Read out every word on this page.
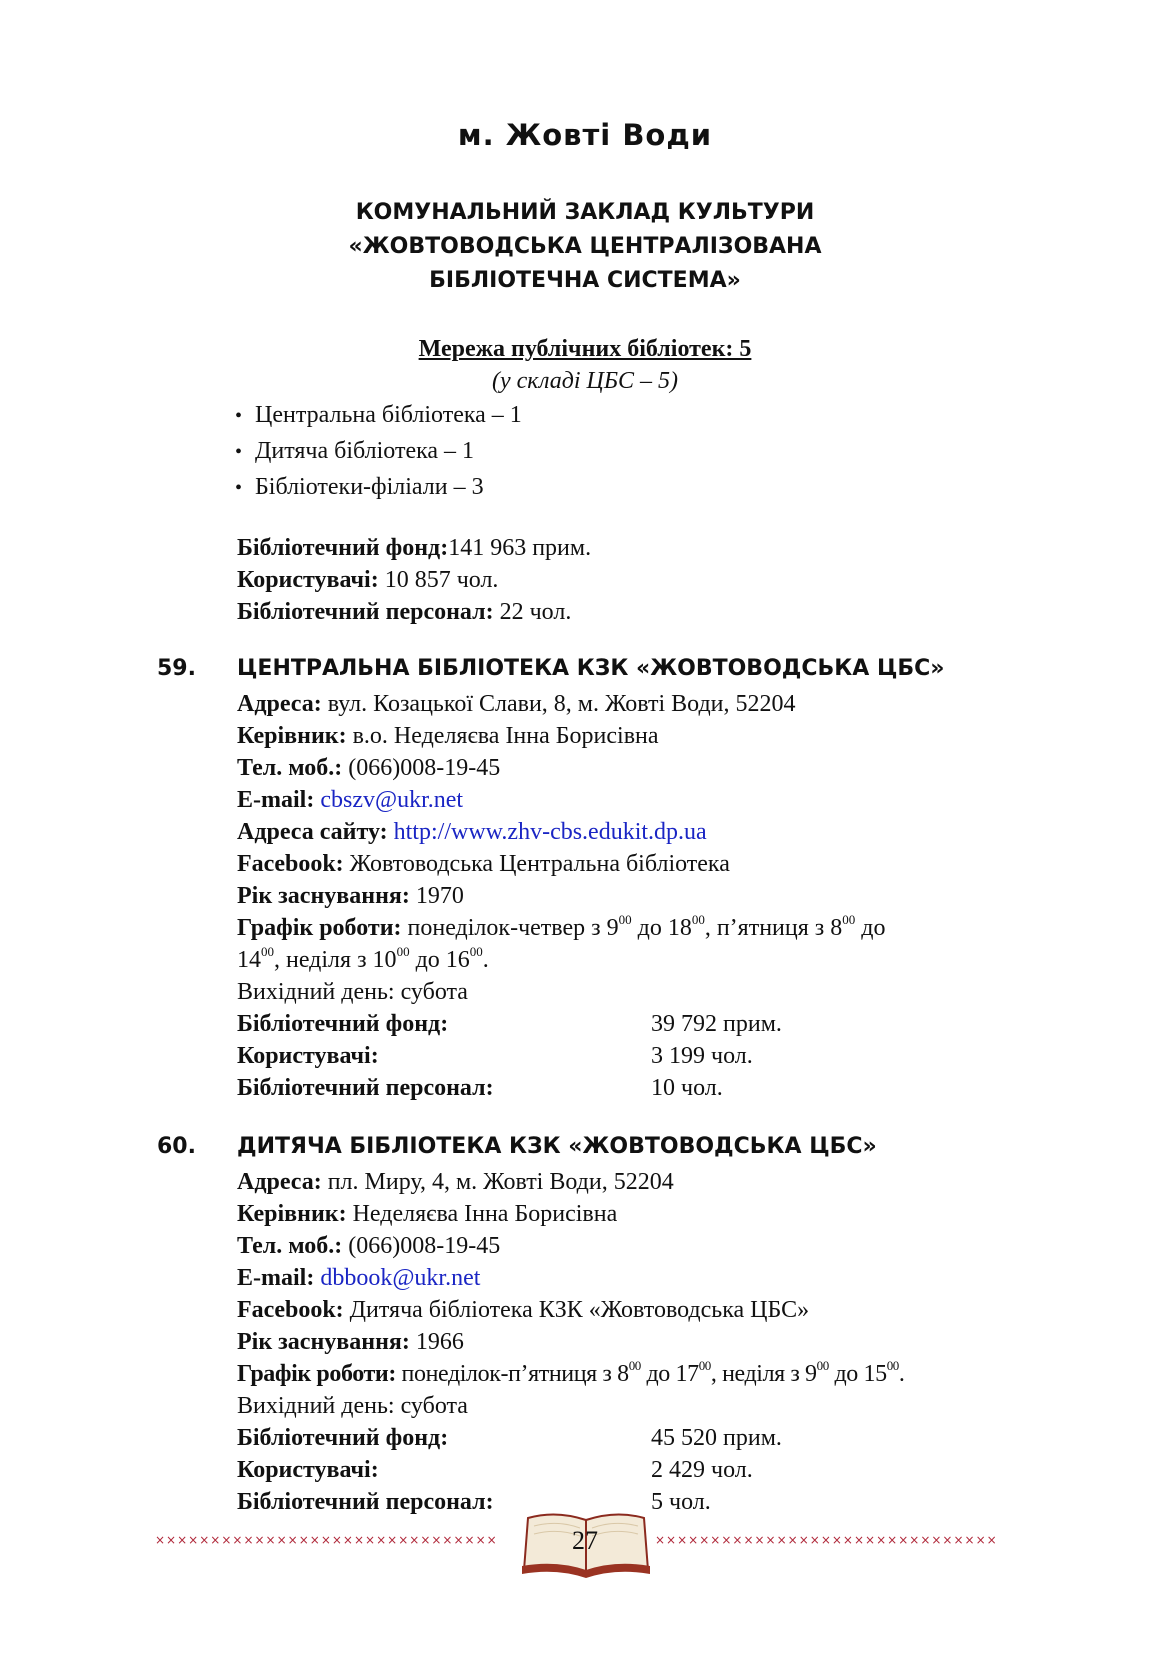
м. Жовті Води
КОМУНАЛЬНИЙ ЗАКЛАД КУЛЬТУРИ
«ЖОВТОВОДСЬКА ЦЕНТРАЛІЗОВАНА
БІБЛІОТЕЧНА СИСТЕМА»
Мережа публічних бібліотек: 5
(у складі ЦБС – 5)
• Центральна бібліотека – 1
• Дитяча бібліотека – 1
• Бібліотеки-філіали – 3
Бібліотечний фонд:141 963 прим.
Користувачі: 10 857 чол.
Бібліотечний персонал: 22 чол.
59. ЦЕНТРАЛЬНА БІБЛІОТЕКА КЗК «ЖОВТОВОДСЬКА ЦБС»
Адреса: вул. Козацької Слави, 8, м. Жовті Води, 52204
Керівник: в.о. Неделяєва Інна Борисівна
Тел. моб.: (066)008-19-45
E-mail: cbszv@ukr.net
Адреса сайту: http://www.zhv-cbs.edukit.dp.ua
Facebook: Жовтоводська Центральна бібліотека
Рік заснування: 1970
Графік роботи: понеділок-четвер з $9^{00}$ до $18^{00}$, п’ятниця з $8^{00}$ до
$14^{00}$, неділя з $10^{00}$ до $16^{00}$.
Вихідний день: субота
Бібліотечний фонд:	39 792 прим.
Користувачі:	3 199 чол.
Бібліотечний персонал:	10 чол.
60. ДИТЯЧА БІБЛІОТЕКА КЗК «ЖОВТОВОДСЬКА ЦБС»
Адреса: пл. Миру, 4, м. Жовті Води, 52204
Керівник: Неделяєва Інна Борисівна
Тел. моб.: (066)008-19-45
E-mail: dbbook@ukr.net
Facebook: Дитяча бібліотека КЗК «Жовтоводська ЦБС»
Рік заснування: 1966
Графік роботи: понеділок-п’ятниця з $8^{00}$ до $17^{00}$, неділя з $9^{00}$ до $15^{00}$.
Вихідний день: субота
Бібліотечний фонд:	45 520 прим.
Користувачі:	2 429 чол.
Бібліотечний персонал:	5 чол.
×××××××××××××××××××××××××××××××	×××××××××××××××××××××××××××××××
27
